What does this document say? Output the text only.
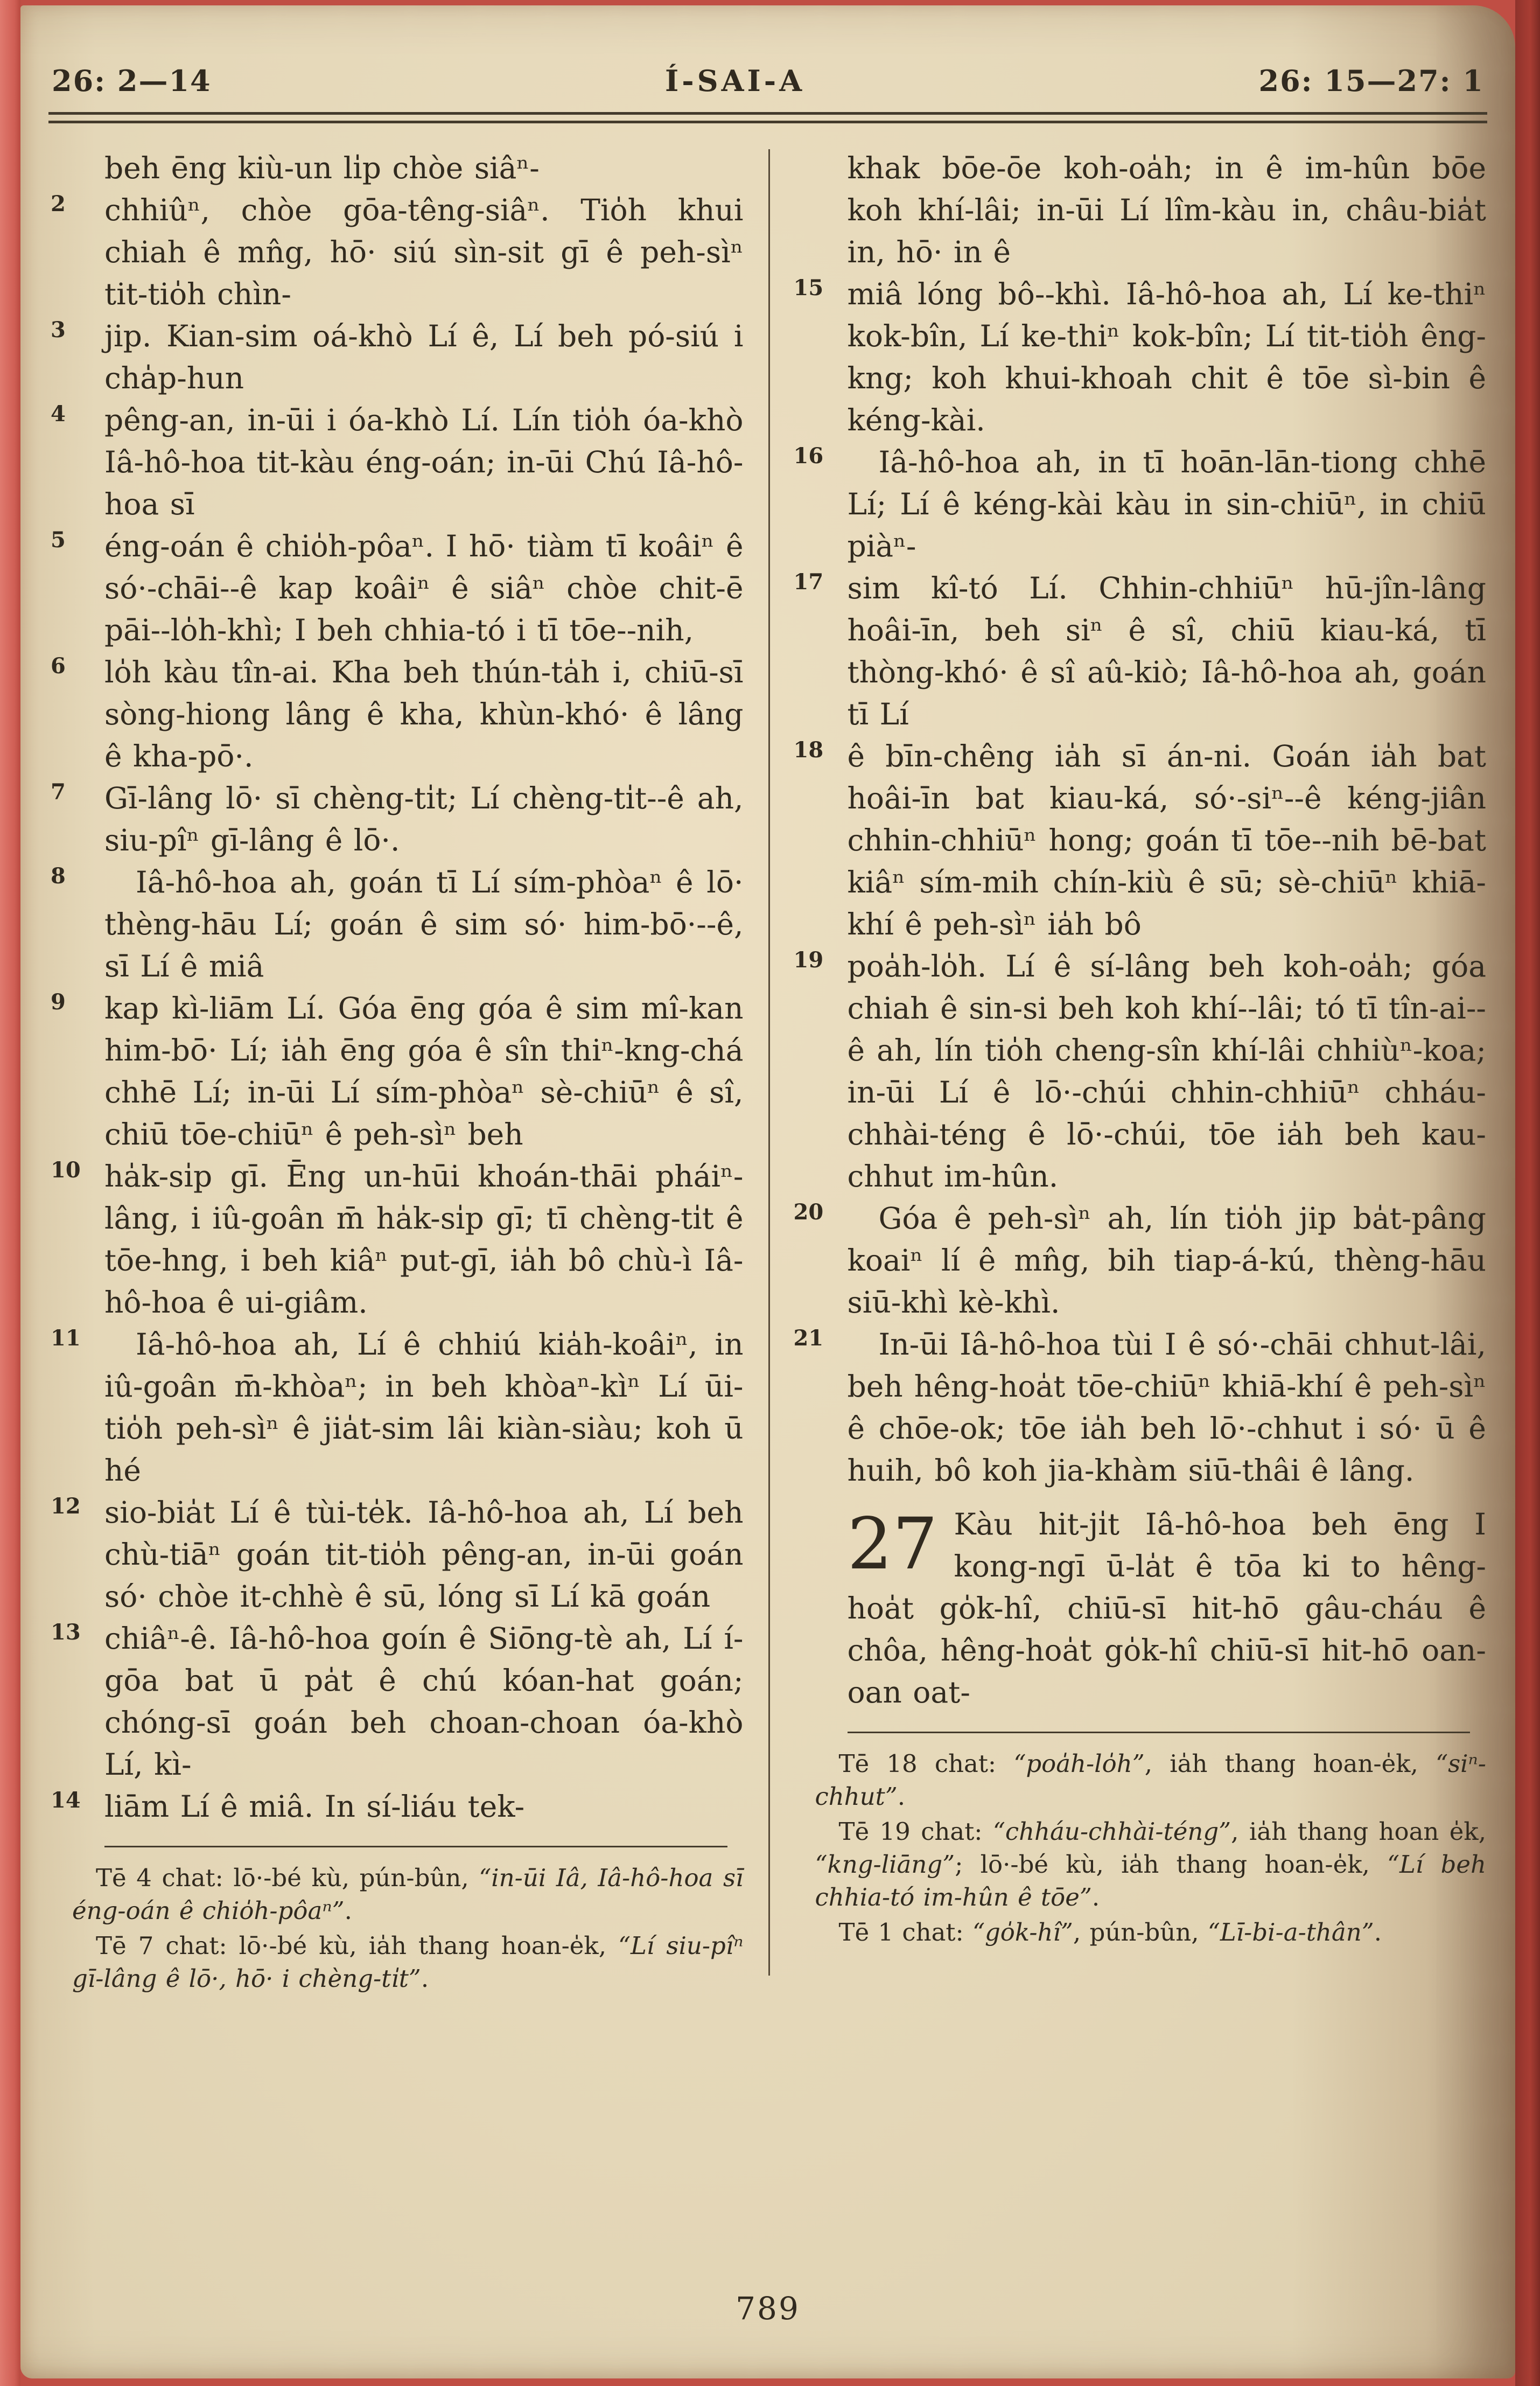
26: 2—14	Í-SAI-A	26: 15—27: 1

beh ēng kiù-un li̍p chòe siâⁿ-

2	chhiûⁿ, chòe gōa-têng-siâⁿ. Tio̍h khui chiah ê mn̂g, hō· siú sìn-sit gī ê peh-sìⁿ tit-tio̍h chìn-

3	jip. Kian-sim oá-khò Lí ê, Lí beh pó-siú i cha̍p-hun

4	pêng-an, in-ūi i óa-khò Lí. Lín tio̍h óa-khò Iâ-hô-hoa tit-kàu éng-oán; in-ūi Chú Iâ-hô-hoa sī

5	éng-oán ê chio̍h-pôaⁿ. I hō· tiàm tī koâiⁿ ê só·-chāi--ê kap koâiⁿ ê siâⁿ chòe chit-ē pāi--lo̍h-khì; I beh chhia-tó i tī tōe--nih,

6	lo̍h kàu tîn-ai. Kha beh thún-ta̍h i, chiū-sī sòng-hiong lâng ê kha, khùn-khó· ê lâng ê kha-pō·.

7	Gī-lâng lō· sī chèng-ti̍t; Lí chèng-ti̍t--ê ah, siu-pîⁿ gī-lâng ê lō·.

8	Iâ-hô-hoa ah, goán tī Lí sím-phòaⁿ ê lō· thèng-hāu Lí; goán ê sim só· him-bō·--ê, sī Lí ê miâ

9	kap kì-liām Lí. Góa ēng góa ê sim mî-kan him-bō· Lí; ia̍h ēng góa ê sîn thiⁿ-kng-chá chhē Lí; in-ūi Lí sím-phòaⁿ sè-chiūⁿ ê sî, chiū tōe-chiūⁿ ê peh-sìⁿ beh

10 ha̍k-si̍p gī. Ēng un-hūi khoán-thāi pháiⁿ-lâng, i iû-goân m̄ ha̍k-si̍p gī; tī chèng-ti̍t ê tōe-hng, i beh kiâⁿ put-gī, ia̍h bô chù-ì Iâ-hô-hoa ê ui-giâm.

11	Iâ-hô-hoa ah, Lí ê chhiú kia̍h-koâiⁿ, in iû-goân m̄-khòaⁿ; in beh khòaⁿ-kìⁿ Lí ūi-tio̍h peh-sìⁿ ê jia̍t-sim lâi kiàn-siàu; koh ū hé

12 sio-bia̍t Lí ê tùi-te̍k. Iâ-hô-hoa ah, Lí beh chù-tiāⁿ goán tit-tio̍h pêng-an, in-ūi goán só· chòe it-chhè ê sū, lóng sī Lí kā goán

13 chiâⁿ-ê. Iâ-hô-hoa goín ê Siōng-tè ah, Lí í-gōa bat ū pa̍t ê chú kóan-hat goán; chóng-sī goán beh choan-choan óa-khò Lí, kì-

14 liām Lí ê miâ. In sí-liáu tek-

Tē 4 chat: lō·-bé kù, pún-bûn, “in-ūi Iâ, Iâ-hô-hoa sī éng-oán ê chio̍h-pôaⁿ”.

Tē 7 chat: lō·-bé kù, ia̍h thang hoan-e̍k, “Lí siu-pîⁿ gī-lâng ê lō·, hō· i chèng-ti̍t”.

khak bōe-ōe koh-oa̍h; in ê im-hûn bōe koh khí-lâi; in-ūi Lí lîm-kàu in, châu-bia̍t in, hō· in ê

15 miâ lóng bô--khì. Iâ-hô-hoa ah, Lí ke-thiⁿ kok-bîn, Lí ke-thiⁿ kok-bîn; Lí tit-tio̍h êng-kng; koh khui-khoah chit ê tōe sì-bin ê kéng-kài.

16	Iâ-hô-hoa ah, in tī hoān-lān-tiong chhē Lí; Lí ê kéng-kài kàu in sin-chiūⁿ, in chiū piàⁿ-

17 sim kî-tó Lí. Chhin-chhiūⁿ hū-jîn-lâng hoâi-īn, beh siⁿ ê sî, chiū kiau-ká, tī thòng-khó· ê sî aû-kiò; Iâ-hô-hoa ah, goán tī Lí

18 ê bīn-chêng ia̍h sī án-ni. Goán ia̍h bat hoâi-īn bat kiau-ká, só·-siⁿ--ê kéng-jiân chhin-chhiūⁿ hong; goán tī tōe--nih bē-bat kiâⁿ sím-mih chín-kiù ê sū; sè-chiūⁿ khiā-khí ê peh-sìⁿ ia̍h bô

19 poa̍h-lo̍h. Lí ê sí-lâng beh koh-oa̍h; góa chiah ê sin-si beh koh khí--lâi; tó tī tîn-ai--ê ah, lín tio̍h cheng-sîn khí-lâi chhiùⁿ-koa; in-ūi Lí ê lō·-chúi chhin-chhiūⁿ chháu-chhài-téng ê lō·-chúi, tōe ia̍h beh kau-chhut im-hûn.

20	Góa ê peh-sìⁿ ah, lín tio̍h jip ba̍t-pâng koaiⁿ lí ê mn̂g, bih tiap-á-kú, thèng-hāu siū-khì kè-khì.

21	In-ūi Iâ-hô-hoa tùi I ê só·-chāi chhut-lâi, beh hêng-hoa̍t tōe-chiūⁿ khiā-khí ê peh-sìⁿ ê chōe-ok; tōe ia̍h beh lō·-chhut i só· ū ê huih, bô koh jia-khàm siū-thâi ê lâng.

27 Kàu hit-ji̍t Iâ-hô-hoa beh ēng I kong-ngī ū-la̍t ê tōa ki to hêng-hoa̍t go̍k-hî, chiū-sī hit-hō gâu-cháu ê chôa, hêng-hoa̍t go̍k-hî chiū-sī hit-hō oan-oan oat-

Tē 18 chat: “poa̍h-lo̍h”, ia̍h thang hoan-e̍k, “siⁿ-chhut”.

Tē 19 chat: “chháu-chhài-téng”, ia̍h thang hoan e̍k, “kng-liāng”; lō·-bé kù, ia̍h thang hoan-e̍k, “Lí beh chhia-tó im-hûn ê tōe”.

Tē 1 chat: “go̍k-hî”, pún-bûn, “Lī-bi-a-thân”.

789
